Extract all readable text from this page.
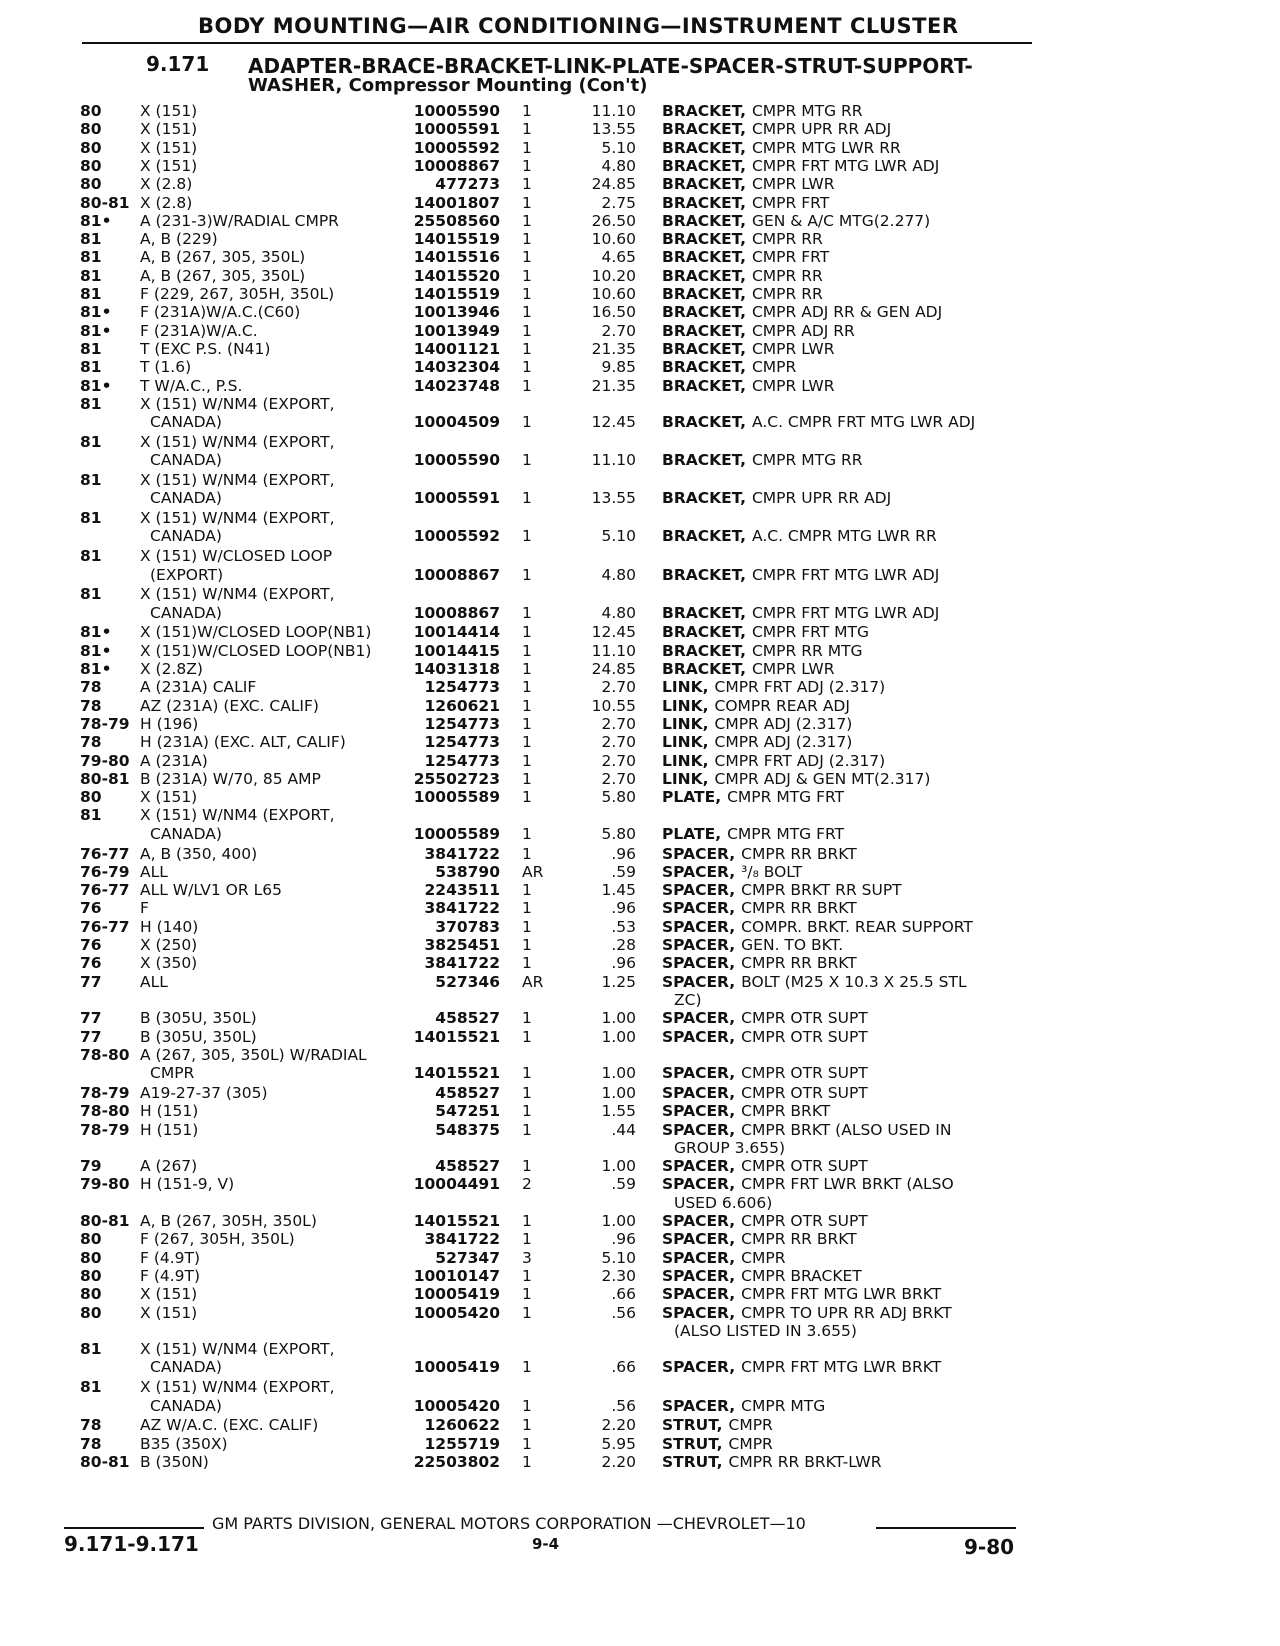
BODY MOUNTING—AIR CONDITIONING—INSTRUMENT CLUSTER
9.171 ADAPTER-BRACE-BRACKET-LINK-PLATE-SPACER-STRUT-SUPPORT-
WASHER, Compressor Mounting (Con't)
80	X (151)	10005590 1	11.10 BRACKET, CMPR MTG RR
80	X (151)	10005591 1	13.55 BRACKET, CMPR UPR RR ADJ
80	X (151)	10005592 1	5.10 BRACKET, CMPR MTG LWR RR
80	X (151)	10008867 1	4.80 BRACKET, CMPR FRT MTG LWR ADJ
80	X (2.8)	477273 1	24.85 BRACKET, CMPR LWR
80-81 X (2.8)	14001807 1	2.75 BRACKET, CMPR FRT
81•	A (231-3)W/RADIAL CMPR	25508560 1	26.50 BRACKET, GEN & A/C MTG(2.277)
81	A, B (229)	14015519 1	10.60 BRACKET, CMPR RR
81	A, B (267, 305, 350L)	14015516 1	4.65 BRACKET, CMPR FRT
81	A, B (267, 305, 350L)	14015520 1	10.20 BRACKET, CMPR RR
81	F (229, 267, 305H, 350L)	14015519 1	10.60 BRACKET, CMPR RR
81•	F (231A)W/A.C.(C60)	10013946 1	16.50 BRACKET, CMPR ADJ RR & GEN ADJ
81•	F (231A)W/A.C.	10013949 1	2.70 BRACKET, CMPR ADJ RR
81	T (EXC P.S. (N41)	14001121 1	21.35 BRACKET, CMPR LWR
81	T (1.6)	14032304 1	9.85 BRACKET, CMPR
81•	T W/A.C., P.S.	14023748 1	21.35 BRACKET, CMPR LWR
81	X (151) W/NM4 (EXPORT,
CANADA)	10004509 1	12.45 BRACKET, A.C. CMPR FRT MTG LWR ADJ
81	X (151) W/NM4 (EXPORT,
CANADA)	10005590 1	11.10 BRACKET, CMPR MTG RR
81	X (151) W/NM4 (EXPORT,
CANADA)	10005591 1	13.55 BRACKET, CMPR UPR RR ADJ
81	X (151) W/NM4 (EXPORT,
CANADA)	10005592 1	5.10 BRACKET, A.C. CMPR MTG LWR RR
81	X (151) W/CLOSED LOOP
(EXPORT)	10008867 1	4.80 BRACKET, CMPR FRT MTG LWR ADJ
81	X (151) W/NM4 (EXPORT,
CANADA)	10008867 1	4.80 BRACKET, CMPR FRT MTG LWR ADJ
81•	X (151)W/CLOSED LOOP(NB1)	10014414 1	12.45 BRACKET, CMPR FRT MTG
81•	X (151)W/CLOSED LOOP(NB1)	10014415 1	11.10 BRACKET, CMPR RR MTG
81•	X (2.8Z)	14031318 1	24.85 BRACKET, CMPR LWR
78	A (231A) CALIF	1254773 1	2.70 LINK, CMPR FRT ADJ (2.317)
78	AZ (231A) (EXC. CALIF)	1260621 1	10.55 LINK, COMPR REAR ADJ
78-79 H (196)	1254773 1	2.70 LINK, CMPR ADJ (2.317)
78	H (231A) (EXC. ALT, CALIF)	1254773 1	2.70 LINK, CMPR ADJ (2.317)
79-80 A (231A)	1254773 1	2.70 LINK, CMPR FRT ADJ (2.317)
80-81 B (231A) W/70, 85 AMP	25502723 1	2.70 LINK, CMPR ADJ & GEN MT(2.317)
80	X (151)	10005589 1	5.80 PLATE, CMPR MTG FRT
81	X (151) W/NM4 (EXPORT,
CANADA)	10005589 1	5.80 PLATE, CMPR MTG FRT
76-77 A, B (350, 400)	3841722 1	.96 SPACER, CMPR RR BRKT
76-79 ALL	538790 AR	.59 SPACER, ³/₈ BOLT
76-77 ALL W/LV1 OR L65	2243511 1	1.45 SPACER, CMPR BRKT RR SUPT
76	F	3841722 1	.96 SPACER, CMPR RR BRKT
76-77 H (140)	370783 1	.53 SPACER, COMPR. BRKT. REAR SUPPORT
76	X (250)	3825451 1	.28 SPACER, GEN. TO BKT.
76	X (350)	3841722 1	.96 SPACER, CMPR RR BRKT
77	ALL	527346 AR	1.25 SPACER, BOLT (M25 X 10.3 X 25.5 STL
ZC)
77	B (305U, 350L)	458527 1	1.00 SPACER, CMPR OTR SUPT
77	B (305U, 350L)	14015521 1	1.00 SPACER, CMPR OTR SUPT
78-80 A (267, 305, 350L) W/RADIAL
CMPR	14015521 1	1.00 SPACER, CMPR OTR SUPT
78-79 A19-27-37 (305)	458527 1	1.00 SPACER, CMPR OTR SUPT
78-80 H (151)	547251 1	1.55 SPACER, CMPR BRKT
78-79 H (151)	548375 1	.44 SPACER, CMPR BRKT (ALSO USED IN
GROUP 3.655)
79	A (267)	458527 1	1.00 SPACER, CMPR OTR SUPT
79-80 H (151-9, V)	10004491 2	.59 SPACER, CMPR FRT LWR BRKT (ALSO
USED 6.606)
80-81 A, B (267, 305H, 350L)	14015521 1	1.00 SPACER, CMPR OTR SUPT
80	F (267, 305H, 350L)	3841722 1	.96 SPACER, CMPR RR BRKT
80	F (4.9T)	527347 3	5.10 SPACER, CMPR
80	F (4.9T)	10010147 1	2.30 SPACER, CMPR BRACKET
80	X (151)	10005419 1	.66 SPACER, CMPR FRT MTG LWR BRKT
80	X (151)	10005420 1	.56 SPACER, CMPR TO UPR RR ADJ BRKT
(ALSO LISTED IN 3.655)
81	X (151) W/NM4 (EXPORT,
CANADA)	10005419 1	.66 SPACER, CMPR FRT MTG LWR BRKT
81	X (151) W/NM4 (EXPORT,
CANADA)	10005420 1	.56 SPACER, CMPR MTG
78	AZ W/A.C. (EXC. CALIF)	1260622 1	2.20 STRUT, CMPR
78	B35 (350X)	1255719 1	5.95 STRUT, CMPR
80-81 B (350N)	22503802 1	2.20 STRUT, CMPR RR BRKT-LWR
GM PARTS DIVISION, GENERAL MOTORS CORPORATION —CHEVROLET—10
9.171-9.171	9-4	9-80
